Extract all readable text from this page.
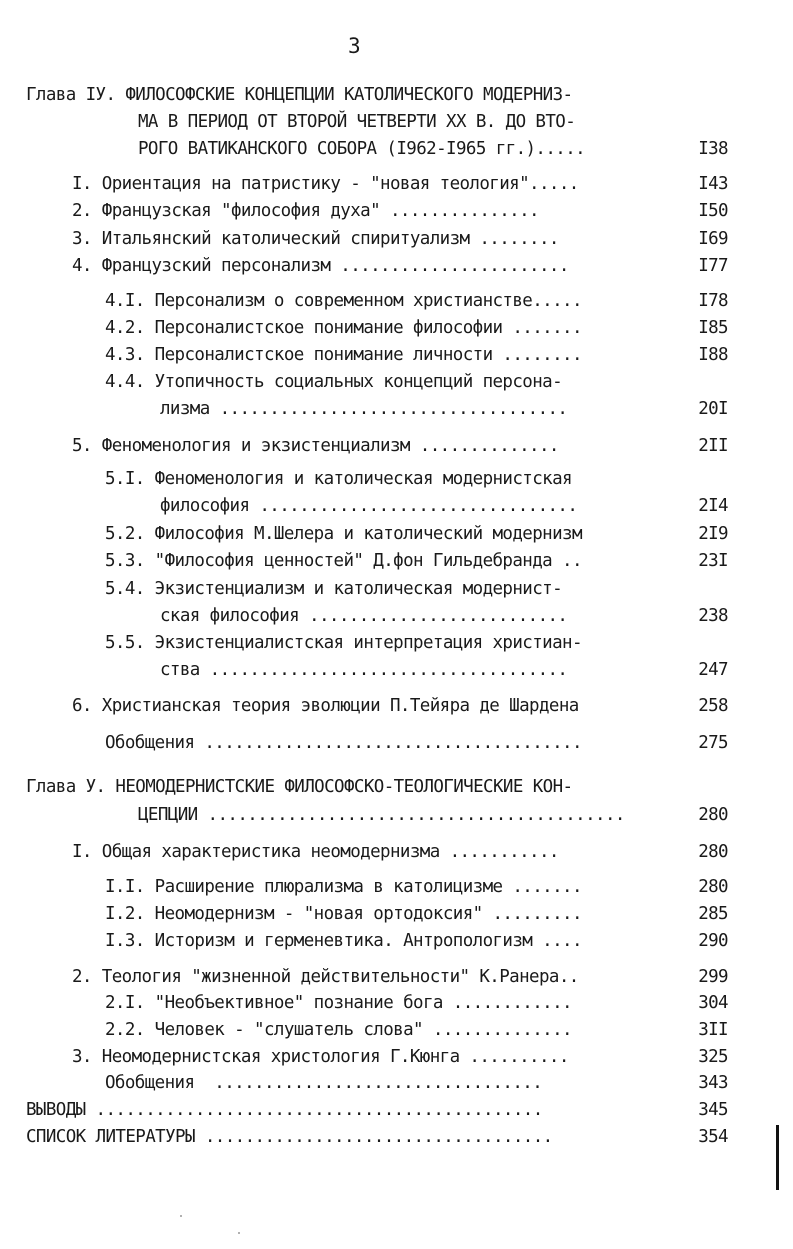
3
Глава IУ. ФИЛОСОФСКИЕ КОНЦЕПЦИИ КАТОЛИЧЕСКОГО МОДЕРНИЗ-
МА В ПЕРИОД ОТ ВТОРОЙ ЧЕТВЕРТИ XX В. ДО ВТО-
РОГО ВАТИКАНСКОГО СОБОРА (I962-I965 гг.).....	I38
I. Ориентация на патристику - "новая теология".....	I43
2. Французская "философия духа" ...............	I50
3. Итальянский католический спиритуализм ........	I69
4. Французский персонализм .......................	I77
4.I. Персонализм о современном христианстве.....	I78
4.2. Персоналистское понимание философии .......	I85
4.3. Персоналистское понимание личности ........	I88
4.4. Утопичность социальных концепций персона-
лизма ...................................	20I
5. Феноменология и экзистенциализм ..............	2II
5.I. Феноменология и католическая модернистская
философия ................................	2I4
5.2. Философия М.Шелера и католический модернизм	2I9
5.3. "Философия ценностей" Д.фон Гильдебранда ..	23I
5.4. Экзистенциализм и католическая модернист-
ская философия ..........................	238
5.5. Экзистенциалистская интерпретация христиан-
ства ....................................	247
6. Христианская теория эволюции П.Тейяра де Шардена	258
Обобщения ......................................	275
Глава У. НЕОМОДЕРНИСТСКИЕ ФИЛОСОФСКО-ТЕОЛОГИЧЕСКИЕ КОН-
ЦЕПЦИИ ..........................................	280
I. Общая характеристика неомодернизма ...........	280
I.I. Расширение плюрализма в католицизме .......	280
I.2. Неомодернизм - "новая ортодоксия" .........	285
I.3. Историзм и герменевтика. Антропологизм ....	290
2. Теология "жизненной действительности" К.Ранера..	299
2.I. "Необъективное" познание бога ............	304
2.2. Человек - "слушатель слова" ..............	3II
3. Неомодернистская христология Г.Кюнга ..........	325
Обобщения  .................................	343
ВЫВОДЫ .............................................	345
СПИСОК ЛИТЕРАТУРЫ ...................................	354
